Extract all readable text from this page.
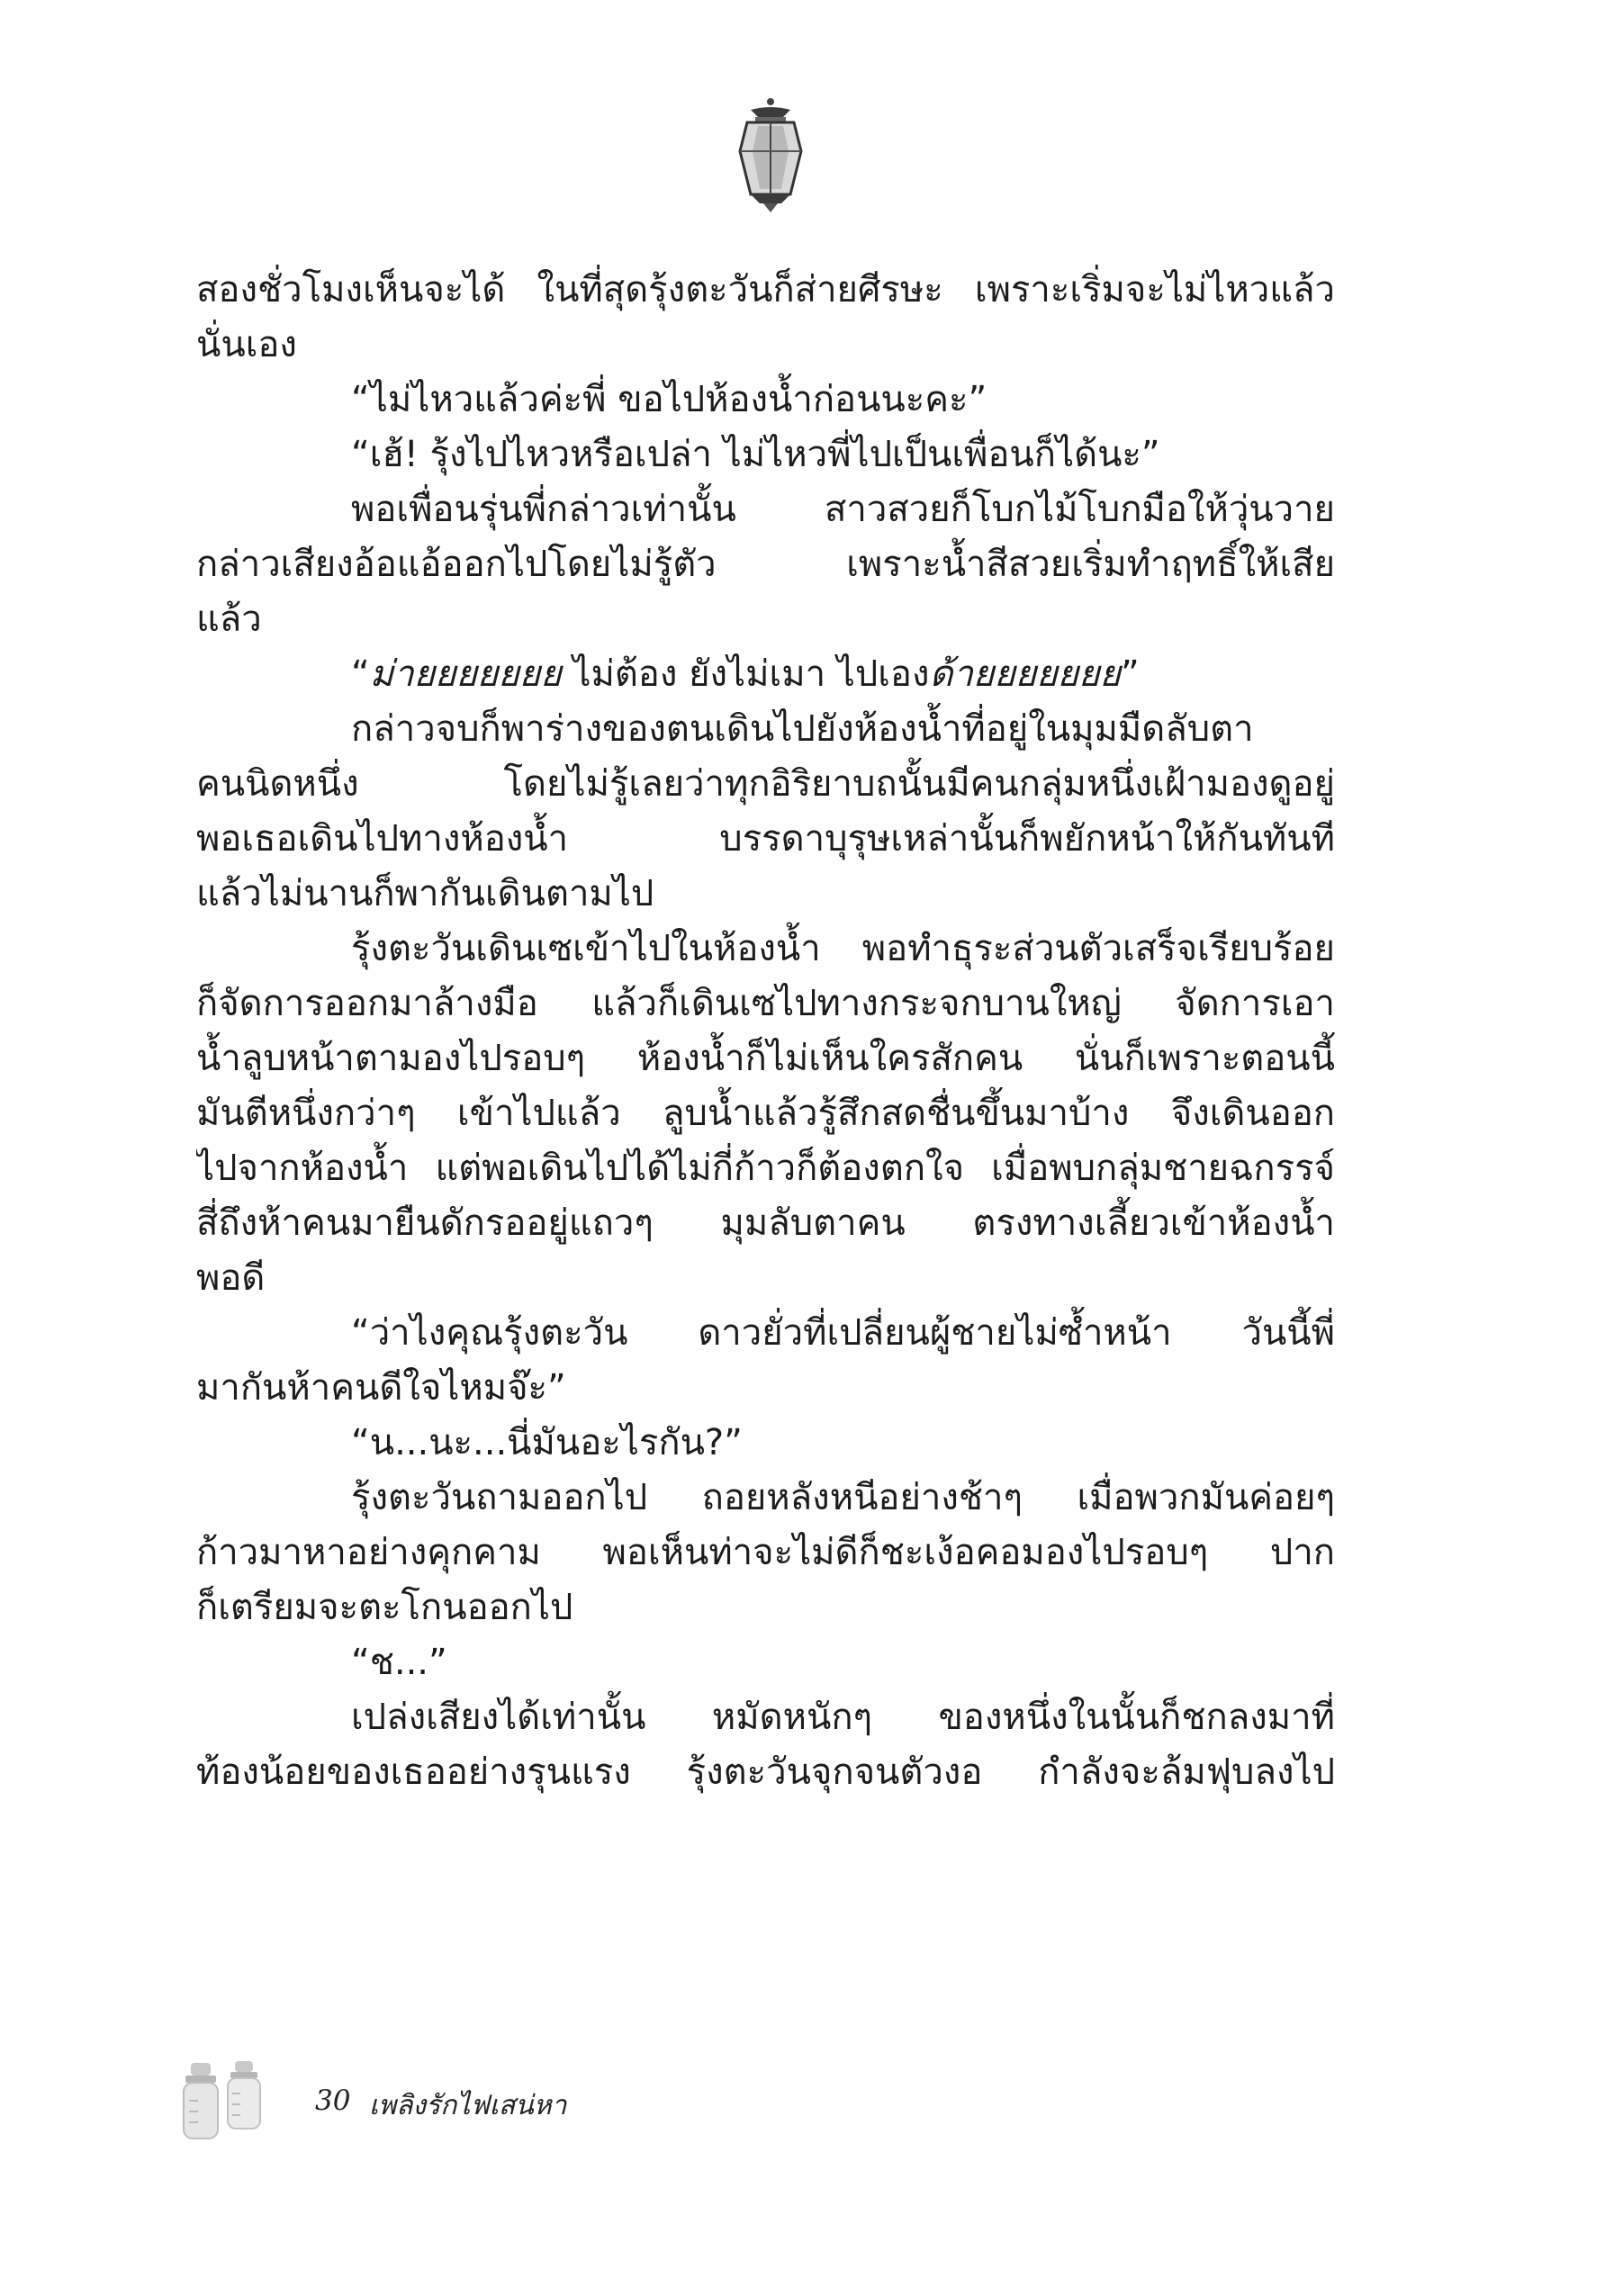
สองชั่วโมงเห็นจะได้ ในที่สุดรุ้งตะวันก็ส่ายศีรษะ เพราะเริ่มจะไม่ไหวแล้ว
นั่นเอง
“ไม่ไหวแล้วค่ะพี่ ขอไปห้องน้ำก่อนนะคะ”
“เฮ้! รุ้งไปไหวหรือเปล่า ไม่ไหวพี่ไปเป็นเพื่อนก็ได้นะ”
พอเพื่อนรุ่นพี่กล่าวเท่านั้น สาวสวยก็โบกไม้โบกมือให้วุ่นวาย
กล่าวเสียงอ้อแอ้ออกไปโดยไม่รู้ตัว เพราะน้ำสีสวยเริ่มทำฤทธิ์ให้เสีย
แล้ว
“ม่ายยยยยยย ไม่ต้อง ยังไม่เมา ไปเองด้ายยยยยยย”
กล่าวจบก็พาร่างของตนเดินไปยังห้องน้ำที่อยู่ในมุมมืดลับตา
คนนิดหนึ่ง โดยไม่รู้เลยว่าทุกอิริยาบถนั้นมีคนกลุ่มหนึ่งเฝ้ามองดูอยู่
พอเธอเดินไปทางห้องน้ำ บรรดาบุรุษเหล่านั้นก็พยักหน้าให้กันทันที
แล้วไม่นานก็พากันเดินตามไป
รุ้งตะวันเดินเซเข้าไปในห้องน้ำ พอทำธุระส่วนตัวเสร็จเรียบร้อย
ก็จัดการออกมาล้างมือ แล้วก็เดินเซไปทางกระจกบานใหญ่ จัดการเอา
น้ำลูบหน้าตามองไปรอบๆ ห้องน้ำก็ไม่เห็นใครสักคน นั่นก็เพราะตอนนี้
มันตีหนึ่งกว่าๆ เข้าไปแล้ว ลูบน้ำแล้วรู้สึกสดชื่นขึ้นมาบ้าง จึงเดินออก
ไปจากห้องน้ำ แต่พอเดินไปได้ไม่กี่ก้าวก็ต้องตกใจ เมื่อพบกลุ่มชายฉกรรจ์
สี่ถึงห้าคนมายืนดักรออยู่แถวๆ มุมลับตาคน ตรงทางเลี้ยวเข้าห้องน้ำ
พอดี
“ว่าไงคุณรุ้งตะวัน ดาวยั่วที่เปลี่ยนผู้ชายไม่ซ้ำหน้า วันนี้พี่
มากันห้าคนดีใจไหมจ๊ะ”
“น...นะ...นี่มันอะไรกัน?”
รุ้งตะวันถามออกไป ถอยหลังหนีอย่างช้าๆ เมื่อพวกมันค่อยๆ
ก้าวมาหาอย่างคุกคาม พอเห็นท่าจะไม่ดีก็ชะเง้อคอมองไปรอบๆ ปาก
ก็เตรียมจะตะโกนออกไป
“ช...”
เปล่งเสียงได้เท่านั้น หมัดหนักๆ ของหนึ่งในนั้นก็ชกลงมาที่
ท้องน้อยของเธออย่างรุนแรง รุ้งตะวันจุกจนตัวงอ กำลังจะล้มฟุบลงไป
30 เพลิงรักไฟเสน่หา
